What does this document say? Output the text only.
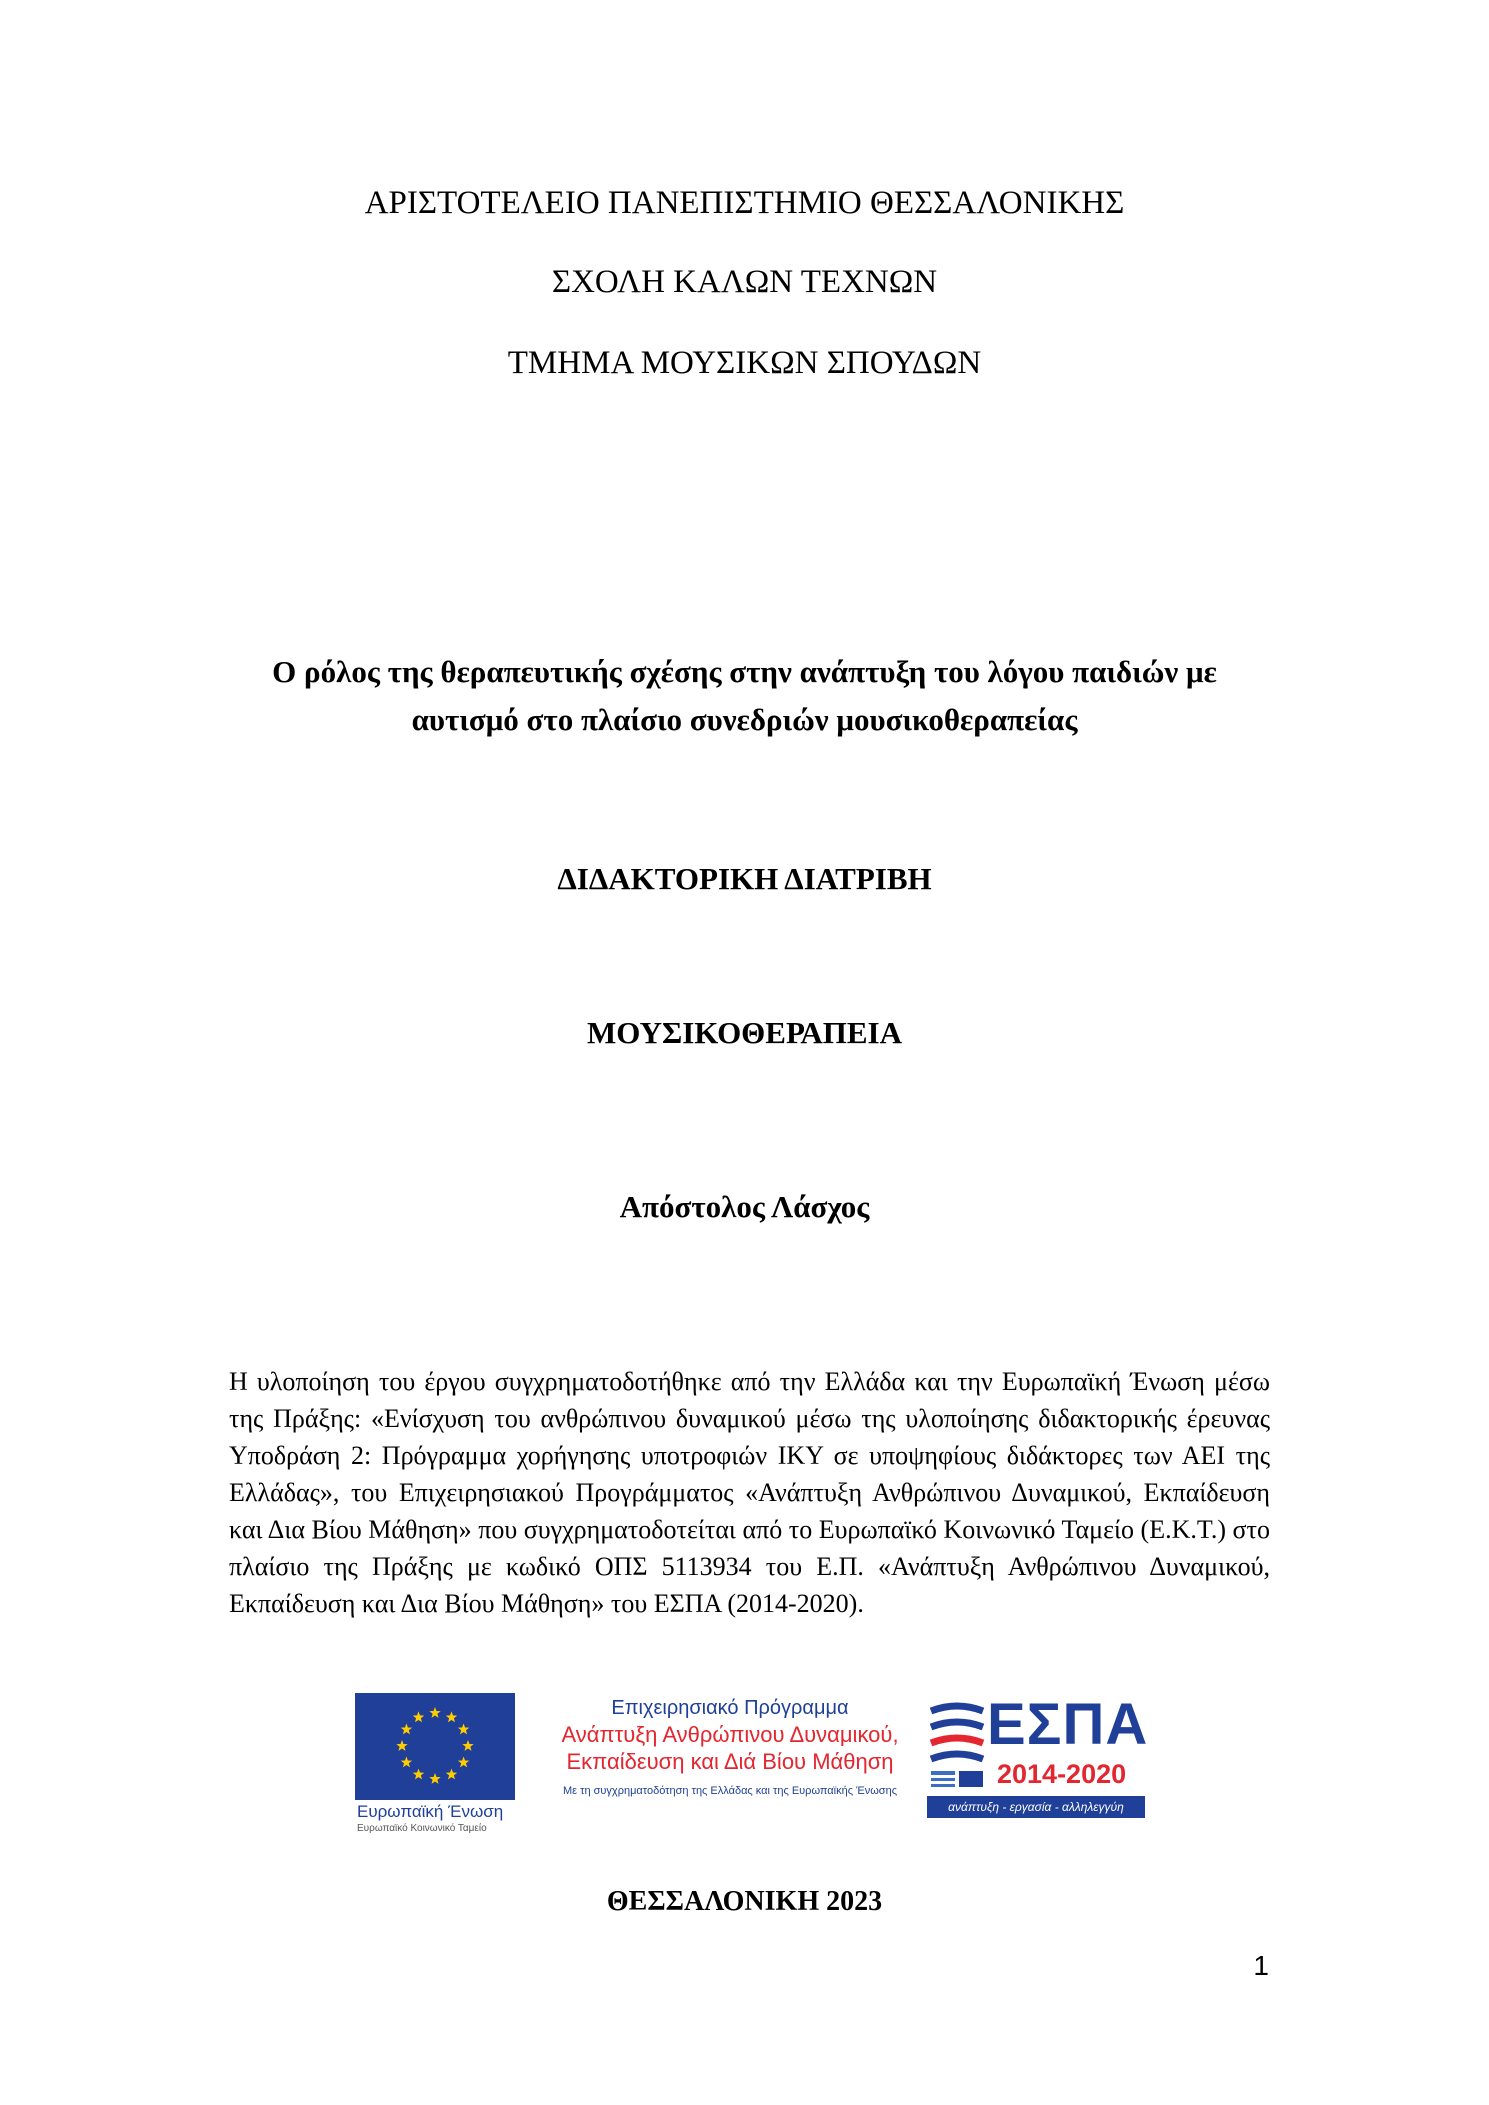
ΑΡΙΣΤΟΤΕΛΕΙΟ ΠΑΝΕΠΙΣΤΗΜΙΟ ΘΕΣΣΑΛΟΝΙΚΗΣ
ΣΧΟΛΗ ΚΑΛΩΝ ΤΕΧΝΩΝ
ΤΜΗΜΑ ΜΟΥΣΙΚΩΝ ΣΠΟΥΔΩΝ
Ο ρόλος της θεραπευτικής σχέσης στην ανάπτυξη του λόγου παιδιών με
αυτισμό στο πλαίσιο συνεδριών μουσικοθεραπείας
ΔΙΔΑΚΤΟΡΙΚΗ ΔΙΑΤΡΙΒΗ
ΜΟΥΣΙΚΟΘΕΡΑΠΕΙΑ
Απόστολος Λάσχος
Η υλοποίηση του έργου συγχρηματοδοτήθηκε από την Ελλάδα και την Ευρωπαϊκή Ένωση μέσω της Πράξης: «Ενίσχυση του ανθρώπινου δυναμικού μέσω της υλοποίησης διδακτορικής έρευνας Υποδράση 2: Πρόγραμμα χορήγησης υποτροφιών ΙΚΥ σε υποψηφίους διδάκτορες των ΑΕΙ της Ελλάδας», του Επιχειρησιακού Προγράμματος «Ανάπτυξη Ανθρώπινου Δυναμικού, Εκπαίδευση και Δια Βίου Μάθηση» που συγχρηματοδοτείται από το Ευρωπαϊκό Κοινωνικό Ταμείο (Ε.Κ.Τ.) στο πλαίσιο της Πράξης με κωδικό ΟΠΣ 5113934 του Ε.Π. «Ανάπτυξη Ανθρώπινου Δυναμικού, Εκπαίδευση και Δια Βίου Μάθηση» του ΕΣΠΑ (2014-2020).
Ευρωπαϊκή Ένωση
Ευρωπαϊκό Κοινωνικό Ταμείο
Επιχειρησιακό Πρόγραμμα
Ανάπτυξη Ανθρώπινου Δυναμικού,
Εκπαίδευση και Διά Βίου Μάθηση
Με τη συγχρηματοδότηση της Ελλάδας και της Ευρωπαϊκής Ένωσης
ΕΣΠΑ
2014-2020
ανάπτυξη - εργασία - αλληλεγγύη
ΘΕΣΣΑΛΟΝΙΚΗ 2023
1
